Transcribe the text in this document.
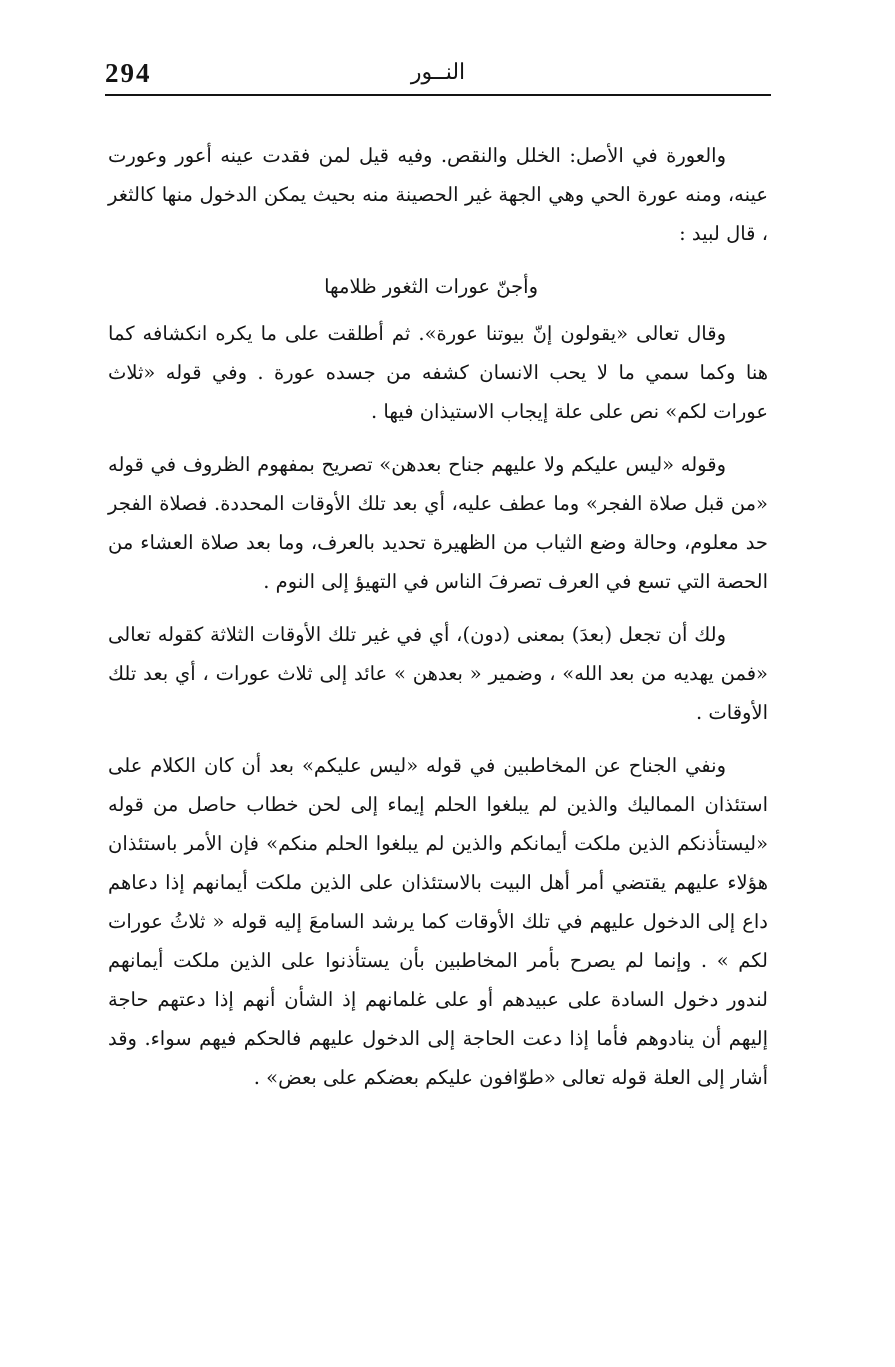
294	النــور

والعورة في الأصل: الخلل والنقص. وفيه قيل لمن فقدت عينه أعور وعورت عينه، ومنه عورة الحي وهي الجهة غير الحصينة منه بحيث يمكن الدخول منها كالثغر ، قال لبيد :

وأجنّ عورات الثغور ظلامها

وقال تعالى «يقولون إنّ بيوتنا عورة». ثم أطلقت على ما يكره انكشافه كما هنا وكما سمي ما لا يحب الانسان كشفه من جسده عورة . وفي قوله «ثلاث عورات لكم» نص على علة إيجاب الاستيذان فيها .

وقوله «ليس عليكم ولا عليهم جناح بعدهن» تصريح بمفهوم الظروف في قوله «من قبل صلاة الفجر» وما عطف عليه، أي بعد تلك الأوقات المحددة. فصلاة الفجر حد معلوم، وحالة وضع الثياب من الظهيرة تحديد بالعرف، وما بعد صلاة العشاء من الحصة التي تسع في العرف تصرفَ الناس في التهيؤ إلى النوم .

ولك أن تجعل (بعدَ) بمعنى (دون)، أي في غير تلك الأوقات الثلاثة كقوله تعالى «فمن يهديه من بعد الله» ، وضمير « بعدهن » عائد إلى ثلاث عورات ، أي بعد تلك الأوقات .

ونفي الجناح عن المخاطبين في قوله «ليس عليكم» بعد أن كان الكلام على استئذان المماليك والذين لم يبلغوا الحلم إيماء إلى لحن خطاب حاصل من قوله «ليستأذنكم الذين ملكت أيمانكم والذين لم يبلغوا الحلم منكم» فإن الأمر باستئذان هؤلاء عليهم يقتضي أمر أهل البيت بالاستئذان على الذين ملكت أيمانهم إذا دعاهم داع إلى الدخول عليهم في تلك الأوقات كما يرشد السامعَ إليه قوله « ثلاثُ عورات لكم » . وإنما لم يصرح بأمر المخاطبين بأن يستأذنوا على الذين ملكت أيمانهم لندور دخول السادة على عبيدهم أو على غلمانهم إذ الشأن أنهم إذا دعتهم حاجة إليهم أن ينادوهم فأما إذا دعت الحاجة إلى الدخول عليهم فالحكم فيهم سواء. وقد أشار إلى العلة قوله تعالى «طوّافون عليكم بعضكم على بعض» .
